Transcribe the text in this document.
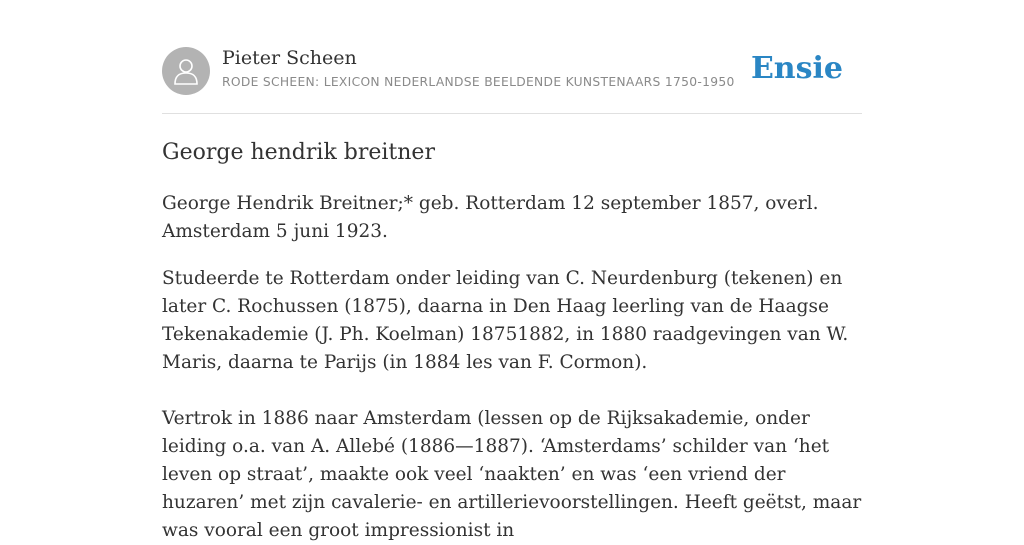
Pieter Scheen
RODE SCHEEN: LEXICON NEDERLANDSE BEELDENDE KUNSTENAARS 1750-1950 Ensie
George hendrik breitner

George Hendrik Breitner;* geb. Rotterdam 12 september 1857, overl. Amsterdam 5 juni 1923.

Studeerde te Rotterdam onder leiding van C. Neurdenburg (tekenen) en later C. Rochussen (1875), daarna in Den Haag leerling van de Haagse Tekenakademie (J. Ph. Koelman) 18751882, in 1880 raadgevingen van W. Maris, daarna te Parijs (in 1884 les van F. Cormon).

Vertrok in 1886 naar Amsterdam (lessen op de Rijksakademie, onder leiding o.a. van A. Allebé (1886—1887). ‘Amsterdams’ schilder van ‘het leven op straat’, maakte ook veel ‘naakten’ en was ‘een vriend der huzaren’ met zijn cavalerie- en artillerievoorstellingen. Heeft geëtst, maar was vooral een groot impressionist in
